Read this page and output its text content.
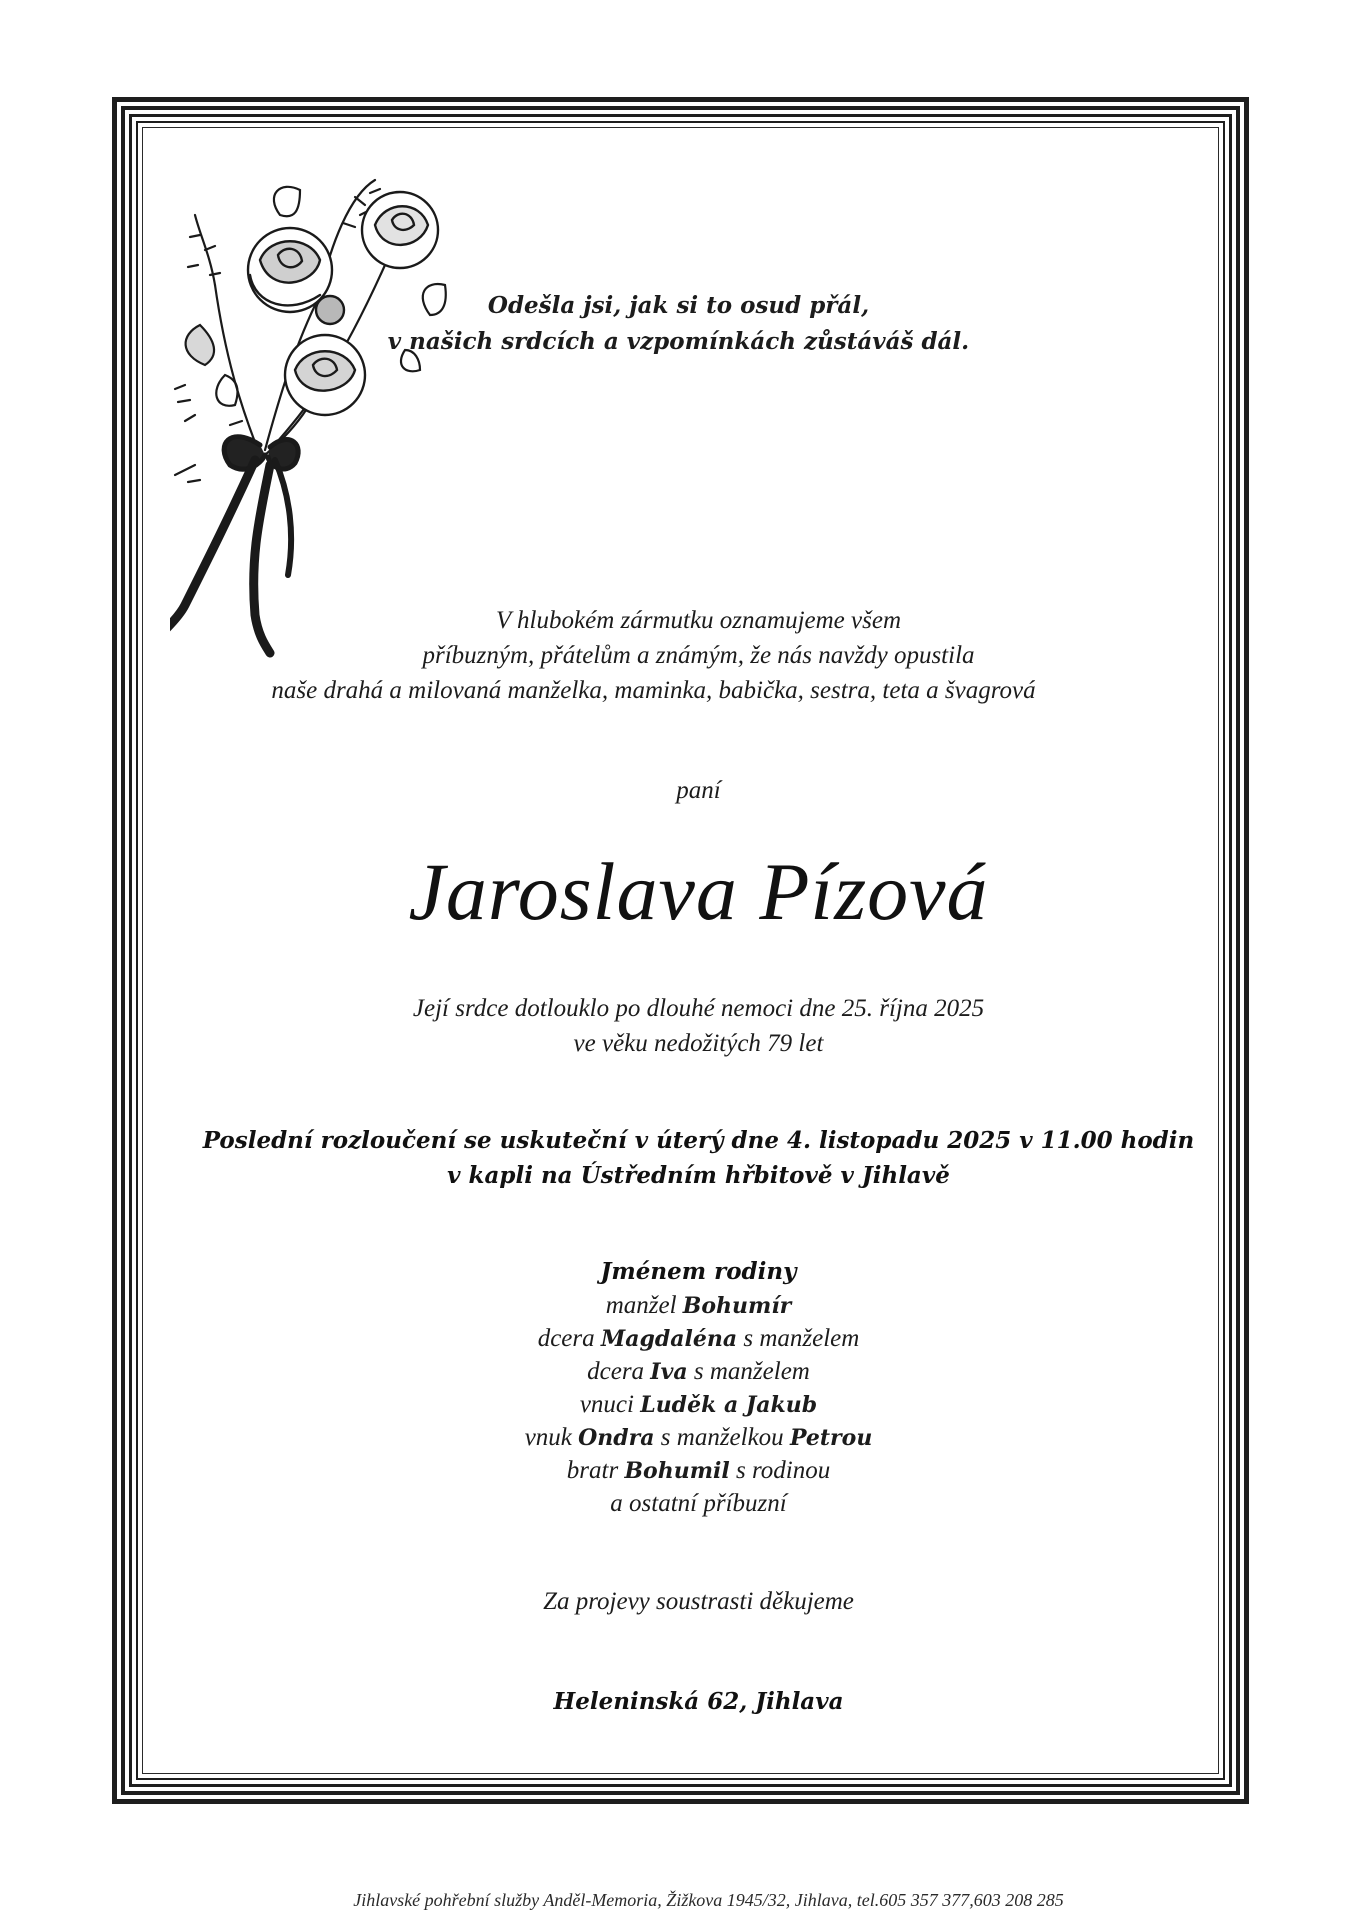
Odešla jsi, jak si to osud přál,
v našich srdcích a vzpomínkách zůstáváš dál.
V hlubokém zármutku oznamujeme všem
příbuzným, přátelům a známým, že nás navždy opustila
naše drahá a milovaná manželka, maminka, babička, sestra, teta a švagrová
paní
Jaroslava Pízová
Její srdce dotlouklo po dlouhé nemoci dne 25. října 2025
ve věku nedožitých 79 let
Poslední rozloučení se uskuteční v úterý dne 4. listopadu 2025 v 11.00 hodin
v kapli na Ústředním hřbitově v Jihlavě
Jménem rodiny
manžel Bohumír
dcera Magdaléna s manželem
dcera Iva s manželem
vnuci Luděk a Jakub
vnuk Ondra s manželkou Petrou
bratr Bohumil s rodinou
a ostatní příbuzní
Za projevy soustrasti děkujeme
Heleninská 62, Jihlava
Jihlavské pohřební služby Anděl-Memoria, Žižkova 1945/32, Jihlava, tel.605 357 377,603 208 285
